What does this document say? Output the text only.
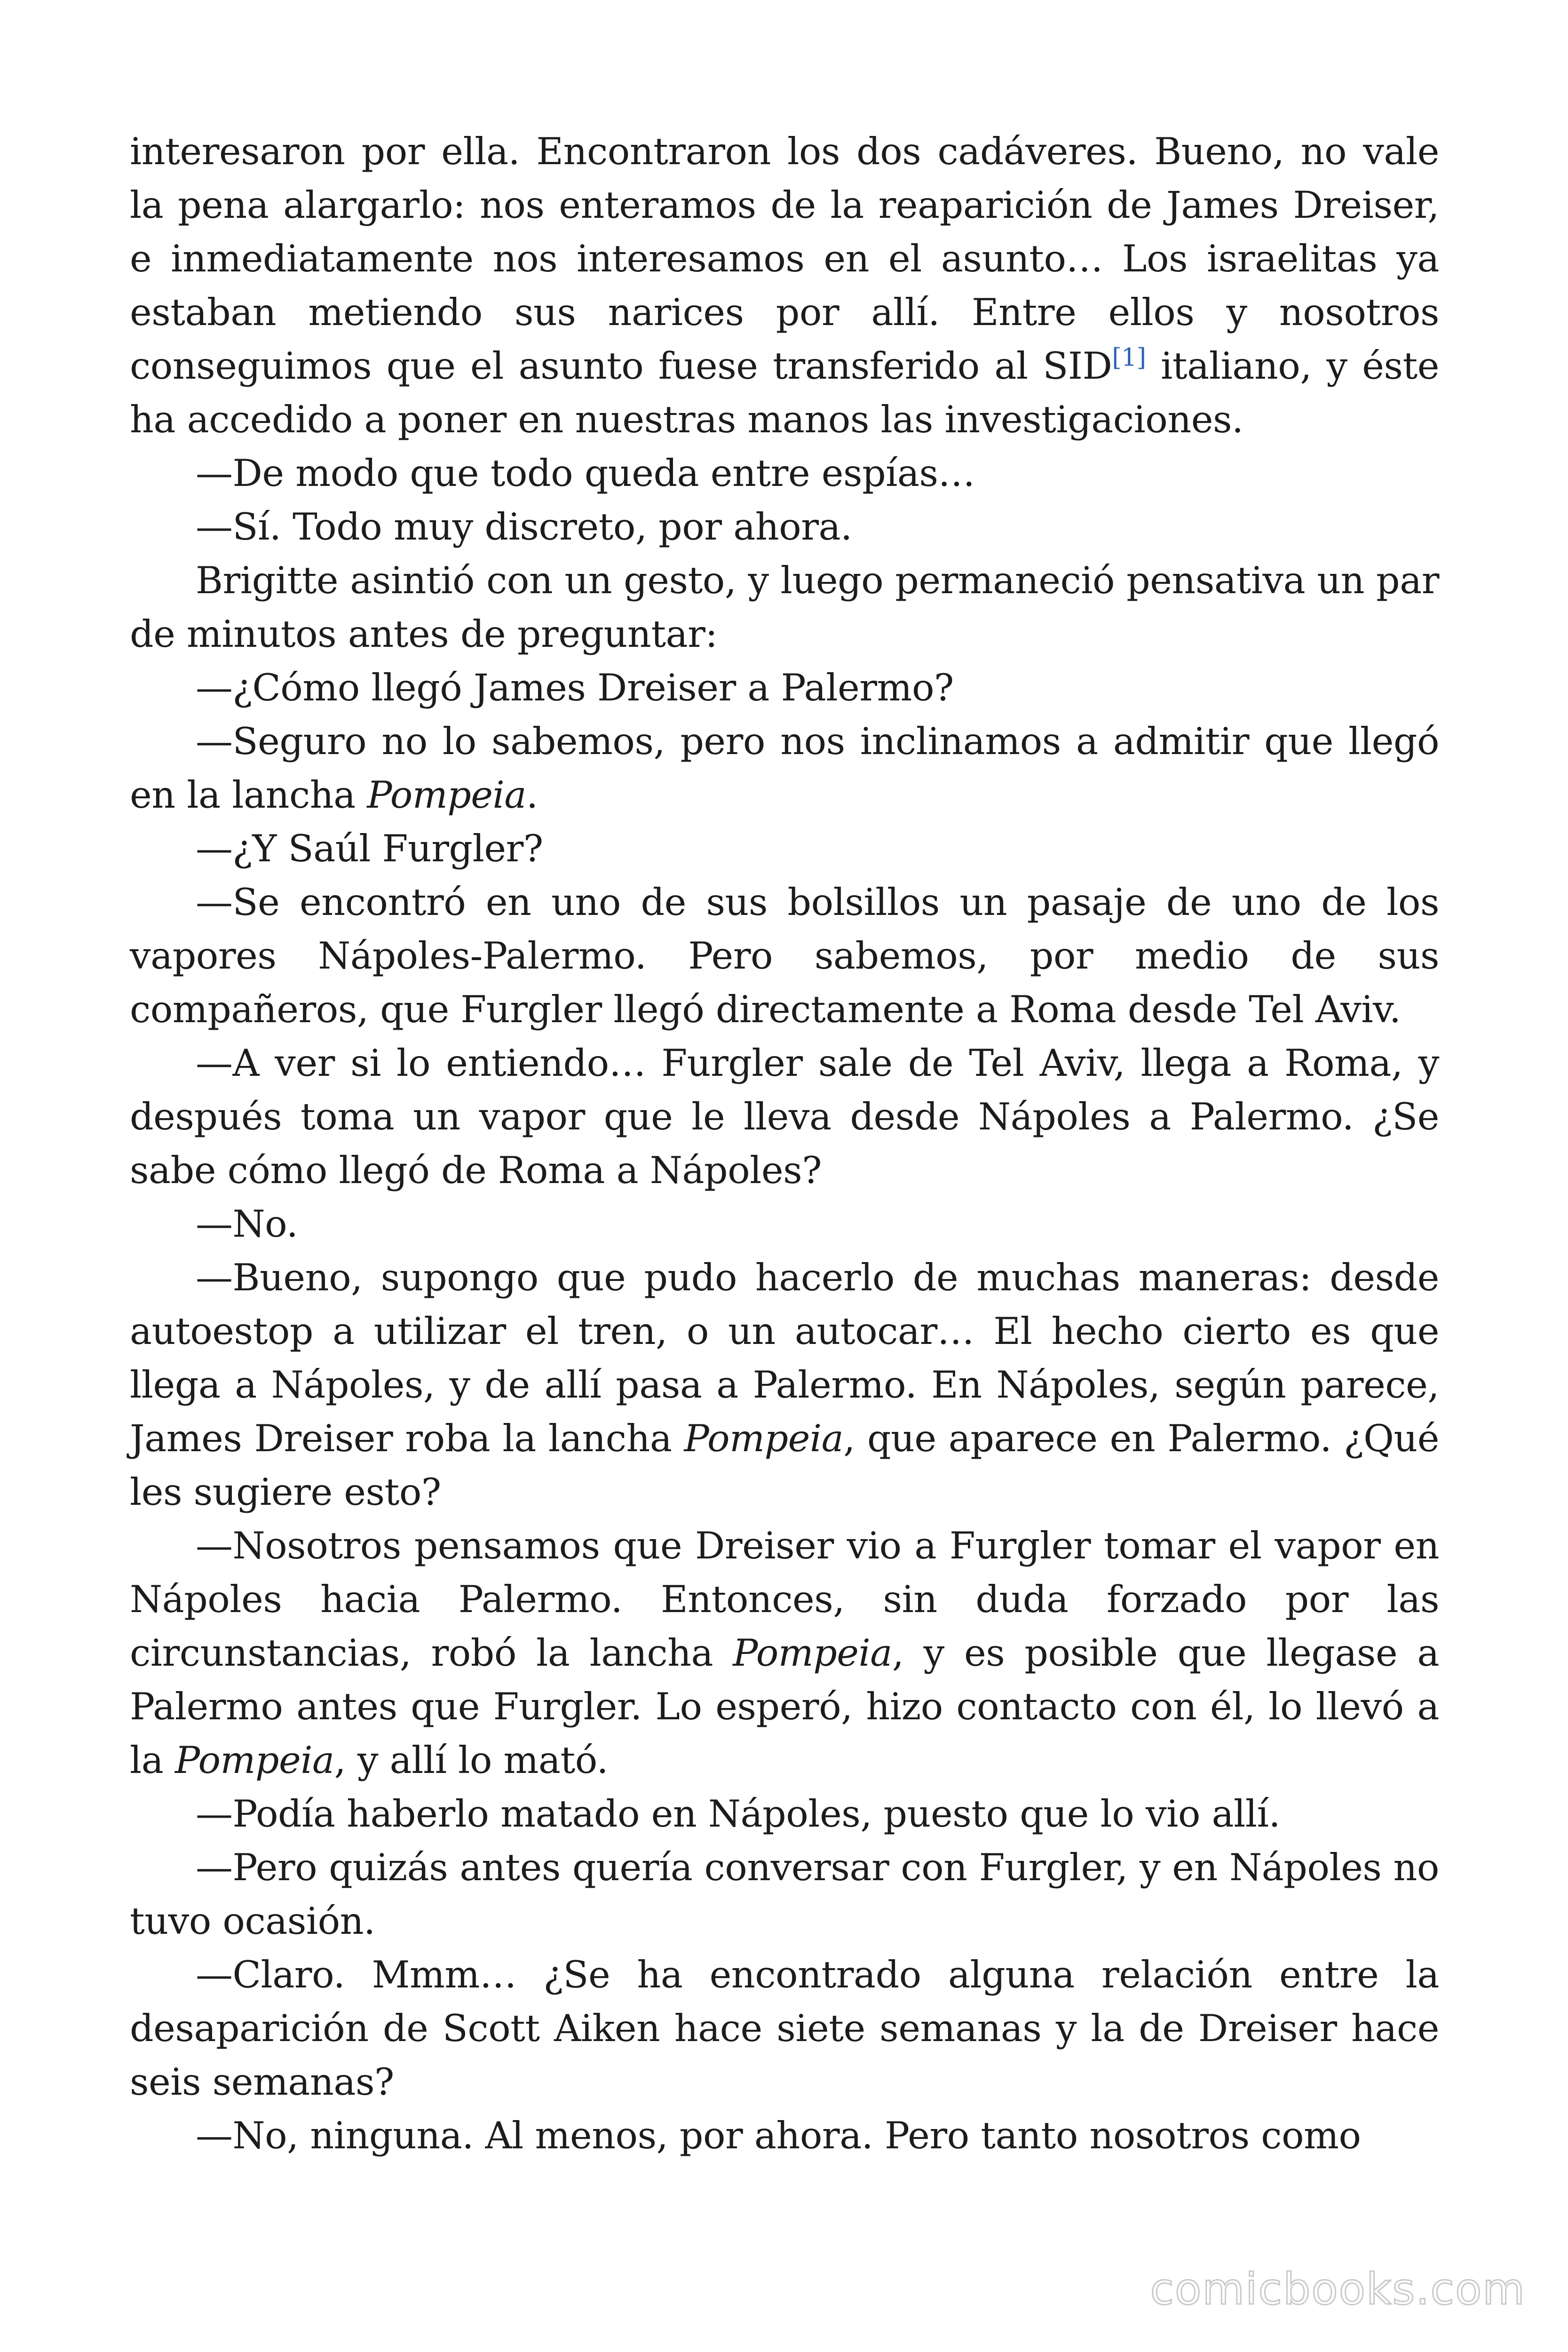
interesaron por ella. Encontraron los dos cadáveres. Bueno, no vale la pena alargarlo: nos enteramos de la reaparición de James Dreiser, e inmediatamente nos interesamos en el asunto… Los israelitas ya estaban metiendo sus narices por allí. Entre ellos y nosotros conseguimos que el asunto fuese transferido al SID[1] italiano, y éste ha accedido a poner en nuestras manos las investigaciones.

—De modo que todo queda entre espías…

—Sí. Todo muy discreto, por ahora.

Brigitte asintió con un gesto, y luego permaneció pensativa un par de minutos antes de preguntar:

—¿Cómo llegó James Dreiser a Palermo?

—Seguro no lo sabemos, pero nos inclinamos a admitir que llegó en la lancha Pompeia.

—¿Y Saúl Furgler?

—Se encontró en uno de sus bolsillos un pasaje de uno de los vapores Nápoles-Palermo. Pero sabemos, por medio de sus compañeros, que Furgler llegó directamente a Roma desde Tel Aviv.

—A ver si lo entiendo… Furgler sale de Tel Aviv, llega a Roma, y después toma un vapor que le lleva desde Nápoles a Palermo. ¿Se sabe cómo llegó de Roma a Nápoles?

—No.

—Bueno, supongo que pudo hacerlo de muchas maneras: desde autoestop a utilizar el tren, o un autocar… El hecho cierto es que llega a Nápoles, y de allí pasa a Palermo. En Nápoles, según parece, James Dreiser roba la lancha Pompeia, que aparece en Palermo. ¿Qué les sugiere esto?

—Nosotros pensamos que Dreiser vio a Furgler tomar el vapor en Nápoles hacia Palermo. Entonces, sin duda forzado por las circunstancias, robó la lancha Pompeia, y es posible que llegase a Palermo antes que Furgler. Lo esperó, hizo contacto con él, lo llevó a la Pompeia, y allí lo mató.

—Podía haberlo matado en Nápoles, puesto que lo vio allí.

—Pero quizás antes quería conversar con Furgler, y en Nápoles no tuvo ocasión.

—Claro. Mmm… ¿Se ha encontrado alguna relación entre la desaparición de Scott Aiken hace siete semanas y la de Dreiser hace seis semanas?

—No, ninguna. Al menos, por ahora. Pero tanto nosotros como

comicbooks.com
